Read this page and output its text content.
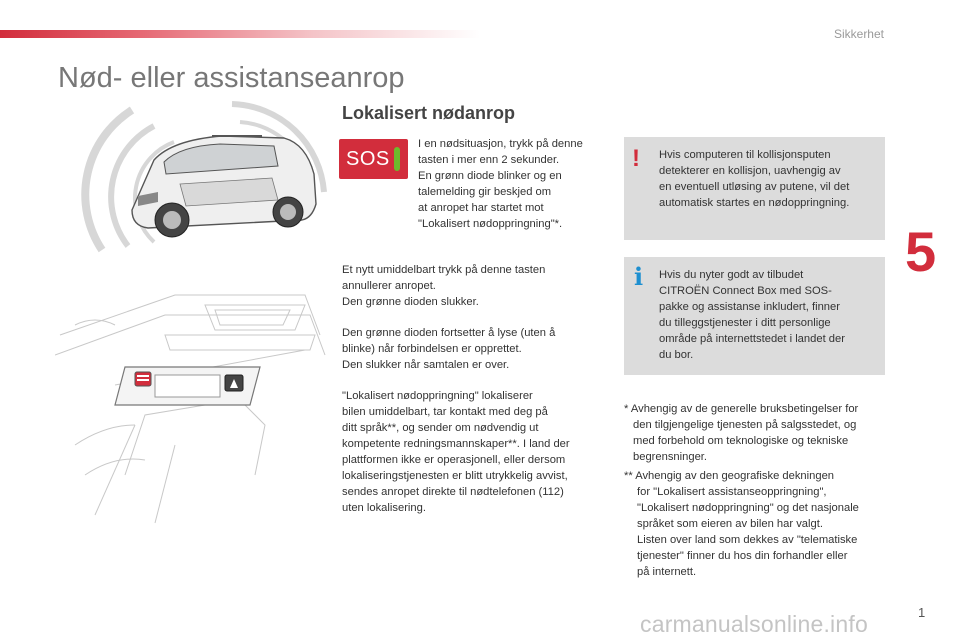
Sikkerhet
5
Nød- eller assistanseanrop
Lokalisert nødanrop
SOS

I en nødsituasjon, trykk på denne
tasten i mer enn 2 sekunder.
En grønn diode blinker og en
talemelding gir beskjed om
at anropet har startet mot
"Lokalisert nødoppringning"*.

Et nytt umiddelbart trykk på denne tasten
annullerer anropet.
Den grønne dioden slukker.

Den grønne dioden fortsetter å lyse (uten å
blinke) når forbindelsen er opprettet.
Den slukker når samtalen er over.

"Lokalisert nødoppringning" lokaliserer
bilen umiddelbart, tar kontakt med deg på
ditt språk**, og sender om nødvendig ut
kompetente redningsmannskaper**. I land der
plattformen ikke er operasjonell, eller dersom
lokaliseringstjenesten er blitt utrykkelig avvist,
sendes anropet direkte til nødtelefonen (112)
uten lokalisering.

! Hvis computeren til kollisjonsputen
detekterer en kollisjon, uavhengig av
en eventuell utløsing av putene, vil det
automatisk startes en nødoppringning.

i Hvis du nyter godt av tilbudet
CITROËN Connect Box med SOS-
pakke og assistanse inkludert, finner
du tilleggstjenester i ditt personlige
område på internettstedet i landet der
du bor.

* Avhengig av de generelle bruksbetingelser for
den tilgjengelige tjenesten på salgsstedet, og
med forbehold om teknologiske og tekniske
begrensninger.

** Avhengig av den geografiske dekningen
for "Lokalisert assistanseoppringning",
"Lokalisert nødoppringning" og det nasjonale
språket som eieren av bilen har valgt.
Listen over land som dekkes av "telematiske
tjenester" finner du hos din forhandler eller
på internett.

carmanualsonline.info	1
